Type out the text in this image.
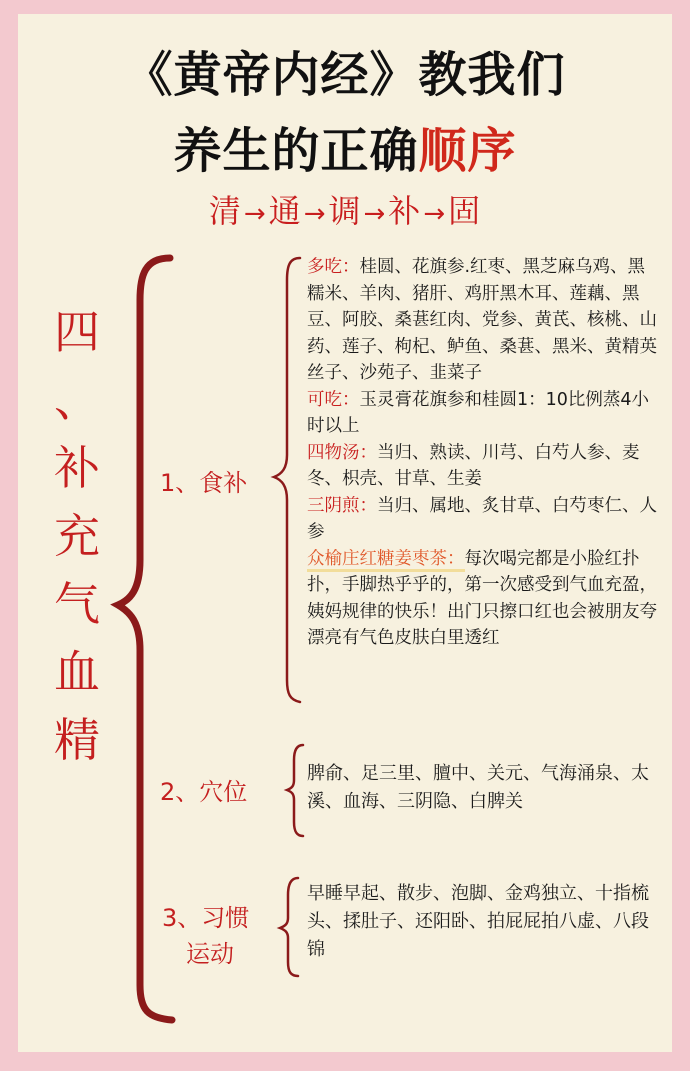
《黄帝内经》教我们
养生的正确顺序
清→通→调→补→固
四
、
补
充
气
血
精
1、食补
2、穴位
3、习惯
运动

多吃：桂圆、花旗参.红枣、黑芝麻乌鸡、黑糯米、羊肉、猪肝、鸡肝黑木耳、莲藕、黑豆、阿胶、桑葚红肉、党参、黄芪、核桃、山药、莲子、枸杞、鲈鱼、桑葚、黑米、黄精英丝子、沙苑子、韭菜子

可吃：玉灵膏花旗参和桂圆1：10比例蒸4小时以上

四物汤：当归、熟读、川芎、白芍人参、麦冬、枳壳、甘草、生姜

三阴煎：当归、属地、炙甘草、白芍枣仁、人参

众榆庄红糖姜枣茶：每次喝完都是小脸红扑扑，手脚热乎乎的，第一次感受到气血充盈，姨妈规律的快乐！出门只擦口红也会被朋友夸漂亮有气色皮肤白里透红

脾俞、足三里、膻中、关元、气海涌泉、太溪、血海、三阴隐、白脾关
早睡早起、散步、泡脚、金鸡独立、十指梳头、揉肚子、还阳卧、拍屁屁拍八虚、八段锦
